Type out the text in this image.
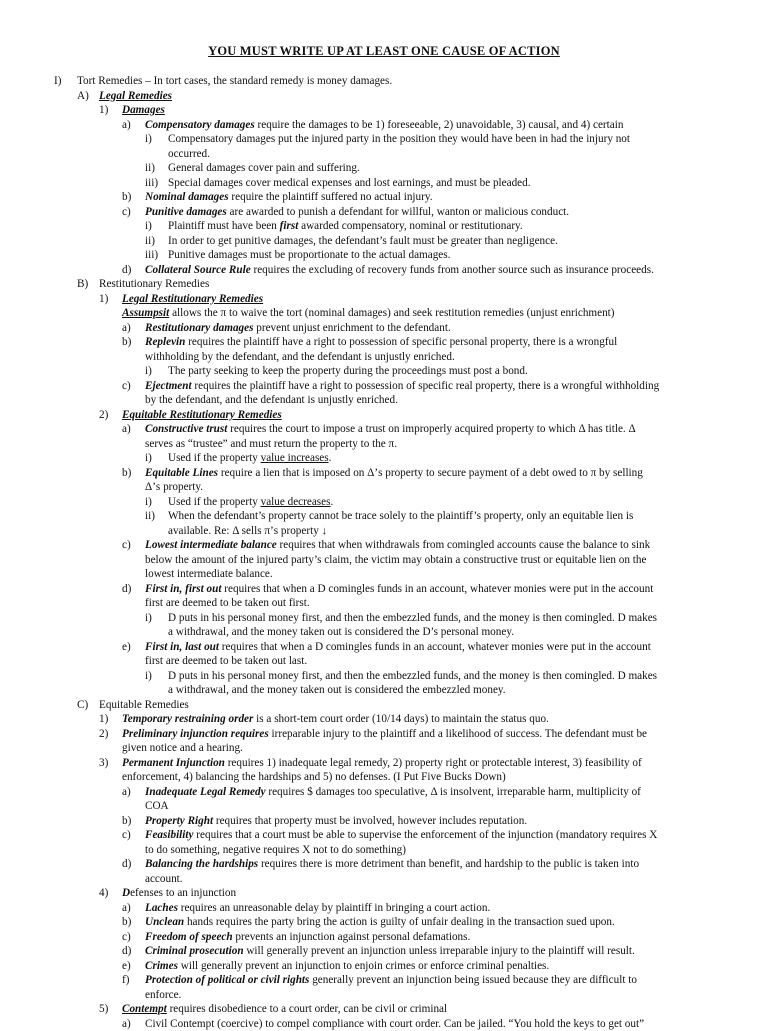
YOU MUST WRITE UP AT LEAST ONE CAUSE OF ACTION
I) Tort Remedies – In tort cases, the standard remedy is money damages.
A) Legal Remedies
1) Damages
a) Compensatory damages require the damages to be 1) foreseeable, 2) unavoidable, 3) causal, and 4) certain
i) Compensatory damages put the injured party in the position they would have been in had the injury not
occurred.
ii) General damages cover pain and suffering.
iii) Special damages cover medical expenses and lost earnings, and must be pleaded.
b) Nominal damages require the plaintiff suffered no actual injury.
c) Punitive damages are awarded to punish a defendant for willful, wanton or malicious conduct.
i) Plaintiff must have been first awarded compensatory, nominal or restitutionary.
ii) In order to get punitive damages, the defendant’s fault must be greater than negligence.
iii) Punitive damages must be proportionate to the actual damages.
d) Collateral Source Rule requires the excluding of recovery funds from another source such as insurance proceeds.
B) Restitutionary Remedies
1) Legal Restitutionary Remedies
Assumpsit allows the π to waive the tort (nominal damages) and seek restitution remedies (unjust enrichment)
a) Restitutionary damages prevent unjust enrichment to the defendant.
b) Replevin requires the plaintiff have a right to possession of specific personal property, there is a wrongful
withholding by the defendant, and the defendant is unjustly enriched.
i) The party seeking to keep the property during the proceedings must post a bond.
c) Ejectment requires the plaintiff have a right to possession of specific real property, there is a wrongful withholding
by the defendant, and the defendant is unjustly enriched.
2) Equitable Restitutionary Remedies
a) Constructive trust requires the court to impose a trust on improperly acquired property to which Δ has title. Δ
serves as “trustee” and must return the property to the π.
i) Used if the property value increases.
b) Equitable Lines require a lien that is imposed on Δ’s property to secure payment of a debt owed to π by selling
Δ’s property.
i) Used if the property value decreases.
ii) When the defendant’s property cannot be trace solely to the plaintiff’s property, only an equitable lien is
available. Re: Δ sells π’s property ↓
c) Lowest intermediate balance requires that when withdrawals from comingled accounts cause the balance to sink
below the amount of the injured party’s claim, the victim may obtain a constructive trust or equitable lien on the
lowest intermediate balance.
d) First in, first out requires that when a D comingles funds in an account, whatever monies were put in the account
first are deemed to be taken out first.
i) D puts in his personal money first, and then the embezzled funds, and the money is then comingled. D makes
a withdrawal, and the money taken out is considered the D’s personal money.
e) First in, last out requires that when a D comingles funds in an account, whatever monies were put in the account
first are deemed to be taken out last.
i) D puts in his personal money first, and then the embezzled funds, and the money is then comingled. D makes
a withdrawal, and the money taken out is considered the embezzled money.
C) Equitable Remedies
1) Temporary restraining order is a short-tem court order (10/14 days) to maintain the status quo.
2) Preliminary injunction requires irreparable injury to the plaintiff and a likelihood of success. The defendant must be
given notice and a hearing.
3) Permanent Injunction requires 1) inadequate legal remedy, 2) property right or protectable interest, 3) feasibility of
enforcement, 4) balancing the hardships and 5) no defenses. (I Put Five Bucks Down)
a) Inadequate Legal Remedy requires $ damages too speculative, Δ is insolvent, irreparable harm, multiplicity of
COA
b) Property Right requires that property must be involved, however includes reputation.
c) Feasibility requires that a court must be able to supervise the enforcement of the injunction (mandatory requires X
to do something, negative requires X not to do something)
d) Balancing the hardships requires there is more detriment than benefit, and hardship to the public is taken into
account.
4) Defenses to an injunction
a) Laches requires an unreasonable delay by plaintiff in bringing a court action.
b) Unclean hands requires the party bring the action is guilty of unfair dealing in the transaction sued upon.
c) Freedom of speech prevents an injunction against personal defamations.
d) Criminal prosecution will generally prevent an injunction unless irreparable injury to the plaintiff will result.
e) Crimes will generally prevent an injunction to enjoin crimes or enforce criminal penalties.
f) Protection of political or civil rights generally prevent an injunction being issued because they are difficult to
enforce.
5) Contempt requires disobedience to a court order, can be civil or criminal
a) Civil Contempt (coercive) to compel compliance with court order. Can be jailed. “You hold the keys to get out”
